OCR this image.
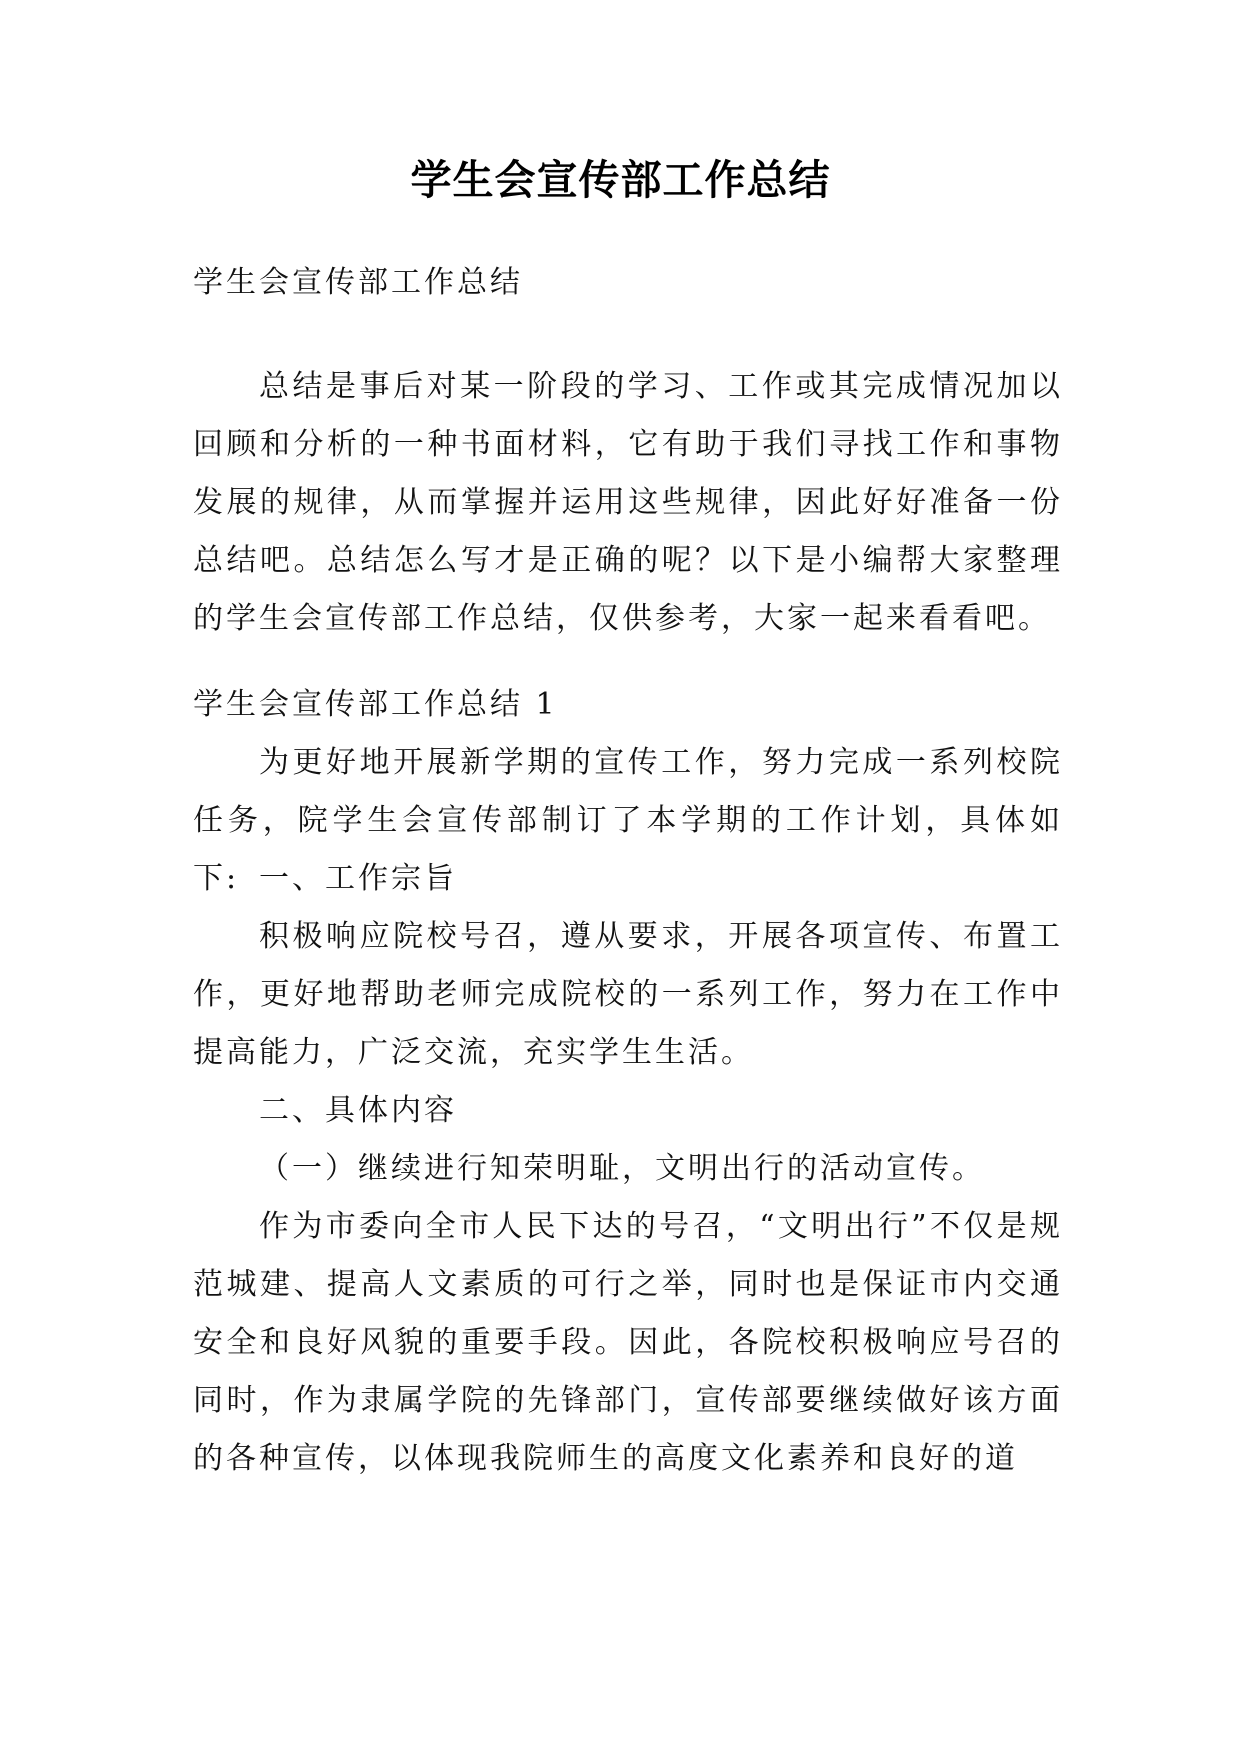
学生会宣传部工作总结

学生会宣传部工作总结

总结是事后对某一阶段的学习、工作或其完成情况加以回顾和分析的一种书面材料，它有助于我们寻找工作和事物发展的规律，从而掌握并运用这些规律，因此好好准备一份总结吧。总结怎么写才是正确的呢？以下是小编帮大家整理的学生会宣传部工作总结，仅供参考，大家一起来看看吧。

学生会宣传部工作总结 1

为更好地开展新学期的宣传工作，努力完成一系列校院任务，院学生会宣传部制订了本学期的工作计划，具体如下: 一、工作宗旨

积极响应院校号召，遵从要求，开展各项宣传、布置工作，更好地帮助老师完成院校的一系列工作，努力在工作中提高能力，广泛交流，充实学生生活。

二、具体内容

（一）继续进行知荣明耻，文明出行的活动宣传。

作为市委向全市人民下达的号召，“文明出行”不仅是规范城建、提高人文素质的可行之举，同时也是保证市内交通安全和良好风貌的重要手段。因此，各院校积极响应号召的同时，作为隶属学院的先锋部门，宣传部要继续做好该方面的各种宣传，以体现我院师生的高度文化素养和良好的道
